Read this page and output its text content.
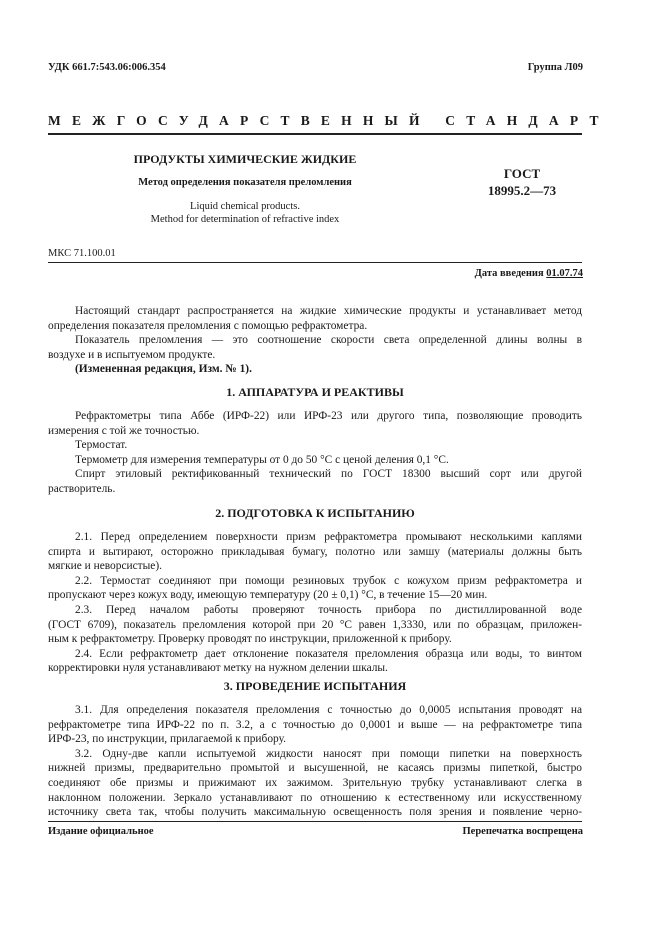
УДК 661.7:543.06:006.354	Группа Л09
МЕЖГОСУДАРСТВЕННЫЙ СТАНДАРТ
ПРОДУКТЫ ХИМИЧЕСКИЕ ЖИДКИЕ
Метод определения показателя преломления
Liquid chemical products.
Method for determination of refractive index
ГОСТ
18995.2—73
МКС 71.100.01
Дата введения 01.07.74
Настоящий стандарт распространяется на жидкие химические продукты и устанавливает метод
определения показателя преломления с помощью рефрактометра.
Показатель преломления — это соотношение скорости света определенной длины волны в
воздухе и в испытуемом продукте.
(Измененная редакция, Изм. № 1).
1. АППАРАТУРА И РЕАКТИВЫ
Рефрактометры типа Аббе (ИРФ-22) или ИРФ-23 или другого типа, позволяющие проводить
измерения с той же точностью.
Термостат.
Термометр для измерения температуры от 0 до 50 °С с ценой деления 0,1 °С.
Спирт этиловый ректификованный технический по ГОСТ 18300 высший сорт или другой
растворитель.
2. ПОДГОТОВКА К ИСПЫТАНИЮ
2.1. Перед определением поверхности призм рефрактометра промывают несколькими каплями
спирта и вытирают, осторожно прикладывая бумагу, полотно или замшу (материалы должны быть
мягкие и неворсистые).
2.2. Термостат соединяют при помощи резиновых трубок с кожухом призм рефрактометра и
пропускают через кожух воду, имеющую температуру (20 ± 0,1) °С, в течение 15—20 мин.
2.3. Перед началом работы проверяют точность прибора по дистиллированной воде
(ГОСТ 6709), показатель преломления которой при 20 °С равен 1,3330, или по образцам, приложен-
ным к рефрактометру. Проверку проводят по инструкции, приложенной к прибору.
2.4. Если рефрактометр дает отклонение показателя преломления образца или воды, то винтом
корректировки нуля устанавливают метку на нужном делении шкалы.
3. ПРОВЕДЕНИЕ ИСПЫТАНИЯ
3.1. Для определения показателя преломления с точностью до 0,0005 испытания проводят на
рефрактометре типа ИРФ-22 по п. 3.2, а с точностью до 0,0001 и выше — на рефрактометре типа
ИРФ-23, по инструкции, прилагаемой к прибору.
3.2. Одну-две капли испытуемой жидкости наносят при помощи пипетки на поверхность
нижней призмы, предварительно промытой и высушенной, не касаясь призмы пипеткой, быстро
соединяют обе призмы и прижимают их зажимом. Зрительную трубку устанавливают слегка в
наклонном положении. Зеркало устанавливают по отношению к естественному или искусственному
источнику света так, чтобы получить максимальную освещенность поля зрения и появление черно-
Издание официальное	Перепечатка воспрещена
